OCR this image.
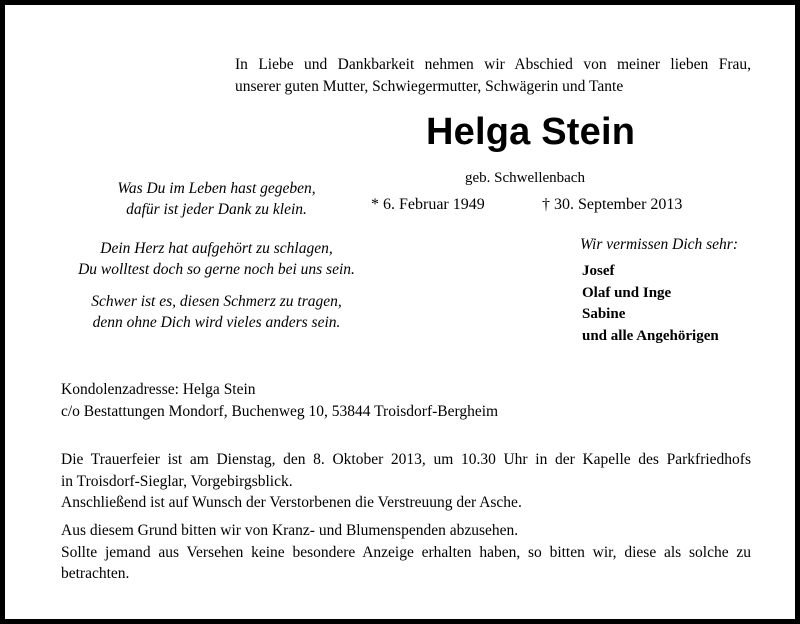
In Liebe und Dankbarkeit nehmen wir Abschied von meiner lieben Frau,
unserer guten Mutter, Schwiegermutter, Schwägerin und Tante
Helga Stein
geb. Schwellenbach
* 6. Februar 1949	† 30. September 2013
Was Du im Leben hast gegeben,
dafür ist jeder Dank zu klein.
Dein Herz hat aufgehört zu schlagen,
Du wolltest doch so gerne noch bei uns sein.
Schwer ist es, diesen Schmerz zu tragen,
denn ohne Dich wird vieles anders sein.
Wir vermissen Dich sehr:
Josef
Olaf und Inge
Sabine
und alle Angehörigen
Kondolenzadresse: Helga Stein
c/o Bestattungen Mondorf, Buchenweg 10, 53844 Troisdorf-Bergheim
Die Trauerfeier ist am Dienstag, den 8. Oktober 2013, um 10.30 Uhr in der Kapelle des Parkfriedhofs
in Troisdorf-Sieglar, Vorgebirgsblick.
Anschließend ist auf Wunsch der Verstorbenen die Verstreuung der Asche.
Aus diesem Grund bitten wir von Kranz- und Blumenspenden abzusehen.
Sollte jemand aus Versehen keine besondere Anzeige erhalten haben, so bitten wir, diese als solche zu
betrachten.
